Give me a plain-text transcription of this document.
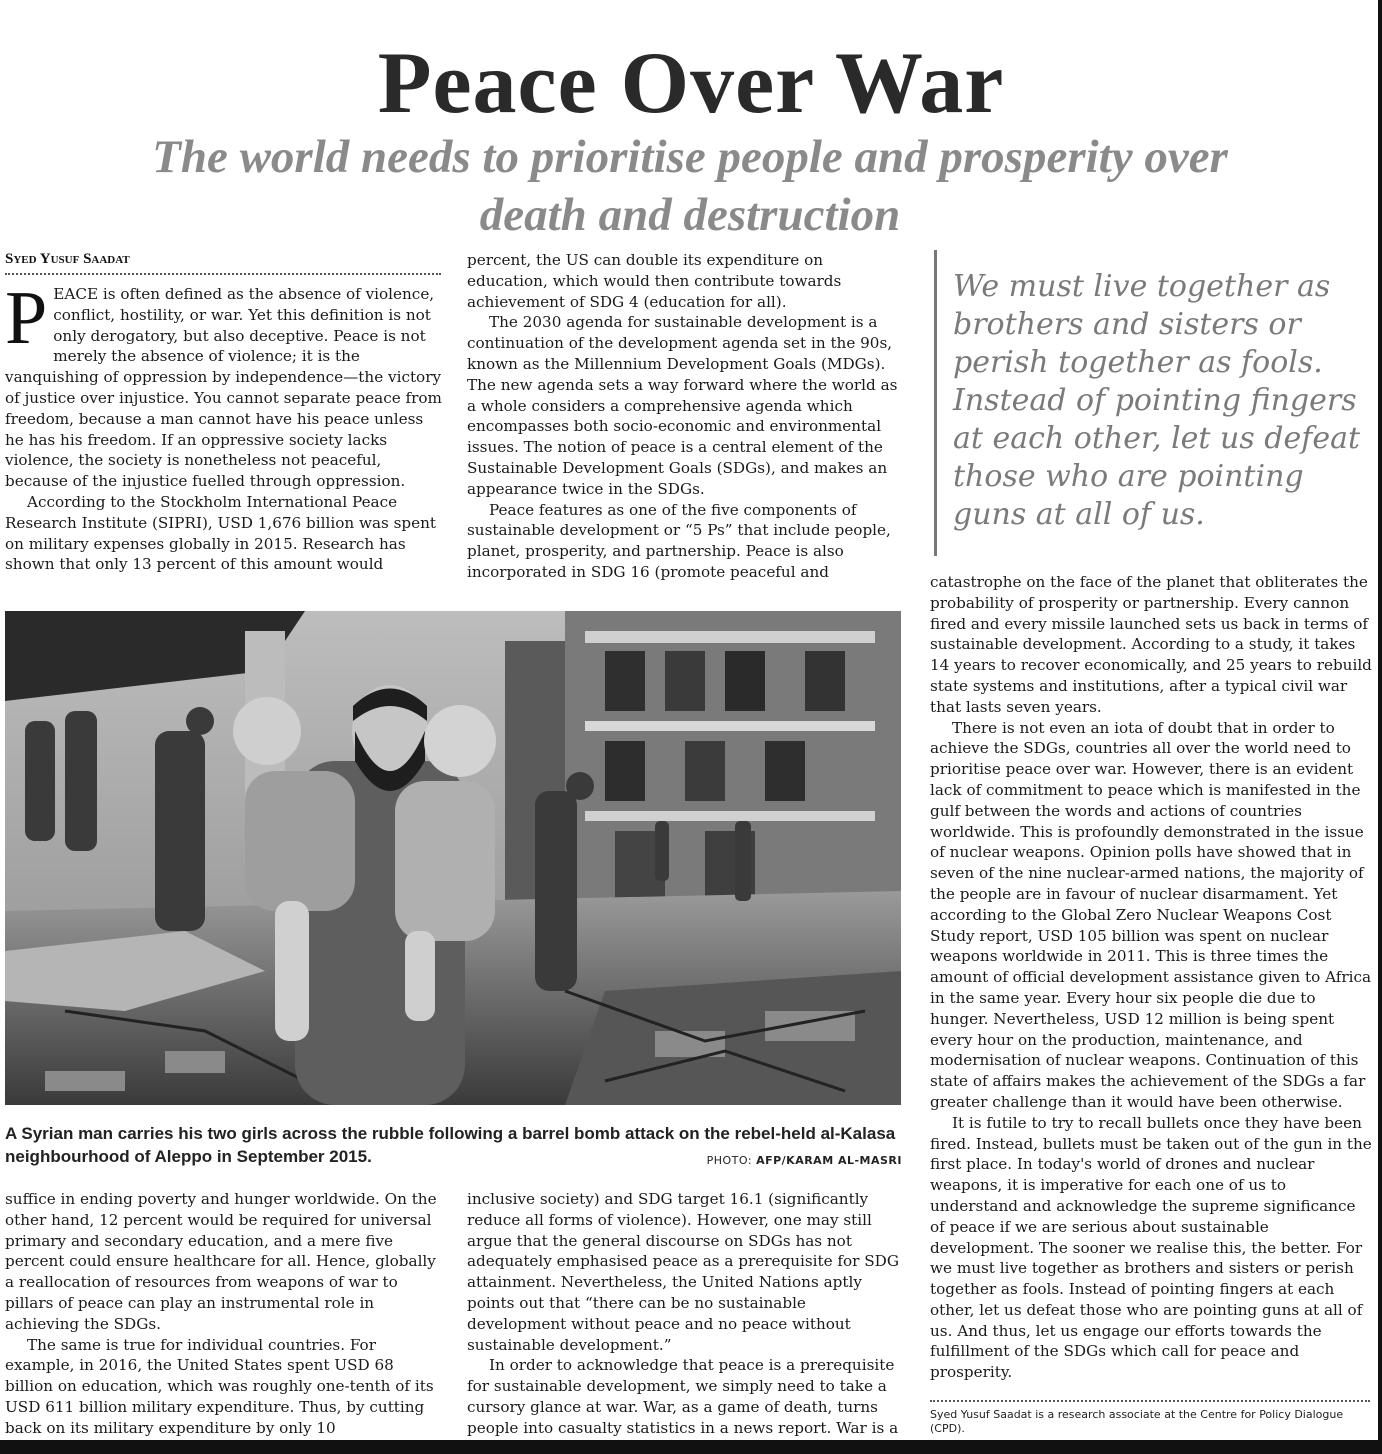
Peace Over War
The world needs to prioritise people and prosperity over death and destruction
Syed Yusuf Saadat

PEACE is often defined as the absence of violence, conflict, hostility, or war. Yet this definition is not only derogatory, but also deceptive. Peace is not merely the absence of violence; it is the vanquishing of oppression by independence—the victory of justice over injustice. You cannot separate peace from freedom, because a man cannot have his peace unless he has his freedom. If an oppressive society lacks violence, the society is nonetheless not peaceful, because of the injustice fuelled through oppression.

According to the Stockholm International Peace Research Institute (SIPRI), USD 1,676 billion was spent on military expenses globally in 2015. Research has shown that only 13 percent of this amount would

percent, the US can double its expenditure on education, which would then contribute towards achievement of SDG 4 (education for all).

The 2030 agenda for sustainable development is a continuation of the development agenda set in the 90s, known as the Millennium Development Goals (MDGs). The new agenda sets a way forward where the world as a whole considers a comprehensive agenda which encompasses both socio-economic and environmental issues. The notion of peace is a central element of the Sustainable Development Goals (SDGs), and makes an appearance twice in the SDGs.

Peace features as one of the five components of sustainable development or “5 Ps” that include people, planet, prosperity, and partnership. Peace is also incorporated in SDG 16 (promote peaceful and

We must live together as brothers and sisters or perish together as fools. Instead of pointing fingers at each other, let us defeat those who are pointing guns at all of us.

catastrophe on the face of the planet that obliterates the probability of prosperity or partnership. Every cannon fired and every missile launched sets us back in terms of sustainable development. According to a study, it takes 14 years to recover economically, and 25 years to rebuild state systems and institutions, after a typical civil war that lasts seven years.

There is not even an iota of doubt that in order to achieve the SDGs, countries all over the world need to prioritise peace over war. However, there is an evident lack of commitment to peace which is manifested in the gulf between the words and actions of countries worldwide. This is profoundly demonstrated in the issue of nuclear weapons. Opinion polls have showed that in seven of the nine nuclear-armed nations, the majority of the people are in favour of nuclear disarmament. Yet according to the Global Zero Nuclear Weapons Cost Study report, USD 105 billion was spent on nuclear weapons worldwide in 2011. This is three times the amount of official development assistance given to Africa in the same year. Every hour six people die due to hunger. Nevertheless, USD 12 million is being spent every hour on the production, maintenance, and modernisation of nuclear weapons. Continuation of this state of affairs makes the achievement of the SDGs a far greater challenge than it would have been otherwise.

It is futile to try to recall bullets once they have been fired. Instead, bullets must be taken out of the gun in the first place. In today's world of drones and nuclear weapons, it is imperative for each one of us to understand and acknowledge the supreme significance of peace if we are serious about sustainable development. The sooner we realise this, the better. For we must live together as brothers and sisters or perish together as fools. Instead of pointing fingers at each other, let us defeat those who are pointing guns at all of us. And thus, let us engage our efforts towards the fulfillment of the SDGs which call for peace and prosperity.

A Syrian man carries his two girls across the rubble following a barrel bomb attack on the rebel-held al-Kalasa neighbourhood of Aleppo in September 2015.	PHOTO: AFP/KARAM AL-MASRI

suffice in ending poverty and hunger worldwide. On the other hand, 12 percent would be required for universal primary and secondary education, and a mere five percent could ensure healthcare for all. Hence, globally a reallocation of resources from weapons of war to pillars of peace can play an instrumental role in achieving the SDGs.

The same is true for individual countries. For example, in 2016, the United States spent USD 68 billion on education, which was roughly one-tenth of its USD 611 billion military expenditure. Thus, by cutting back on its military expenditure by only 10

inclusive society) and SDG target 16.1 (significantly reduce all forms of violence). However, one may still argue that the general discourse on SDGs has not adequately emphasised peace as a prerequisite for SDG attainment. Nevertheless, the United Nations aptly points out that “there can be no sustainable development without peace and no peace without sustainable development.”

In order to acknowledge that peace is a prerequisite for sustainable development, we simply need to take a cursory glance at war. War, as a game of death, turns people into casualty statistics in a news report. War is a

Syed Yusuf Saadat is a research associate at the Centre for Policy Dialogue (CPD).
